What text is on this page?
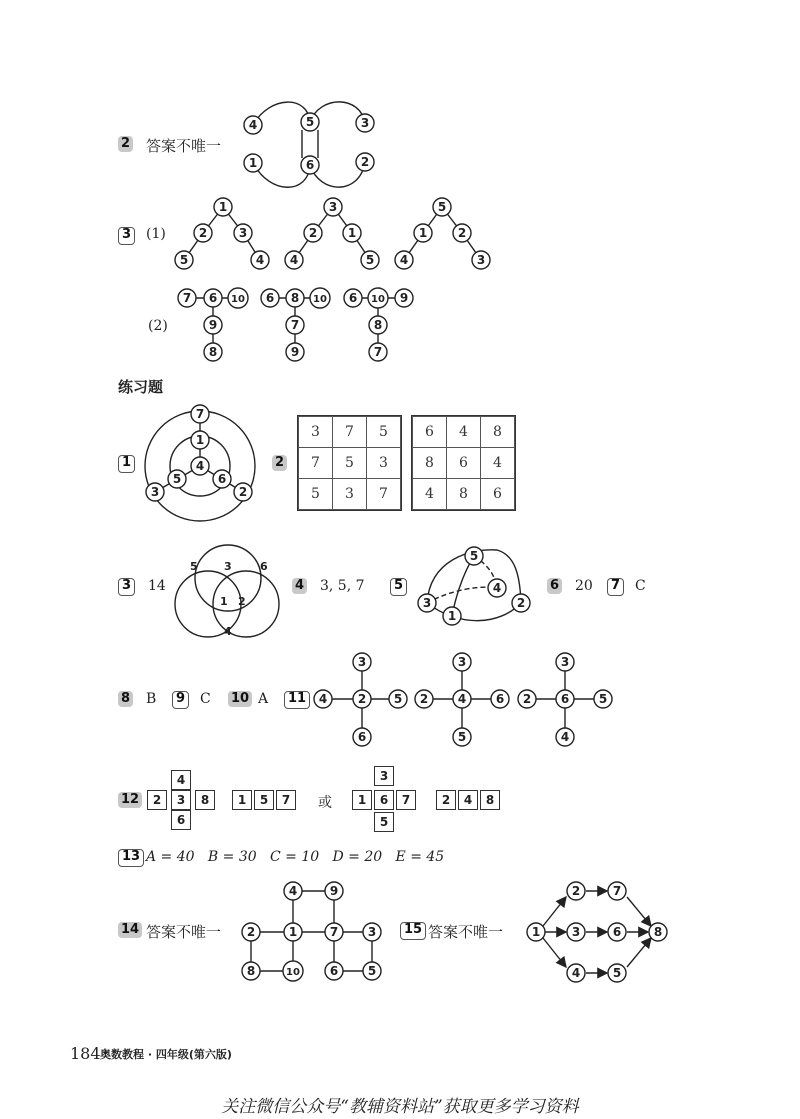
4
1
5
6
3
2
1
2	3
5	4
3
2	1
4	5
5
1	2
4	3
7 6 10
9
8
6 8 10
7
9
6 10 9
8
7
7
1
4
5	6
3	2
5
4
3	2
1
3
4	2 5
6
3
2 4 6
5
3
2 6 5
4
4	9
2	1	7 3
8	10 6 5
1
2
3
4
7
6
5
8
5 3	6
1 2
4
2 答案不唯一
3 (1)
(2)
练习题
1	2
3	7	5
7	5	3
5	3	7
6	4	8
8	6	4
4	8	6
3 14	4 3, 5, 7	5	6 20	7 C
8 B	9 C 10 A	11
12
4
2	3	8
6
1	5	7
3
1	6	7
5
2	4	8
或
13 A = 40   B = 30   C = 10   D = 20   E = 45
14 答案不唯一	15 答案不唯一
184 奥数教程 · 四年级(第六版)
关注微信公众号“教辅资料站”获取更多学习资料
